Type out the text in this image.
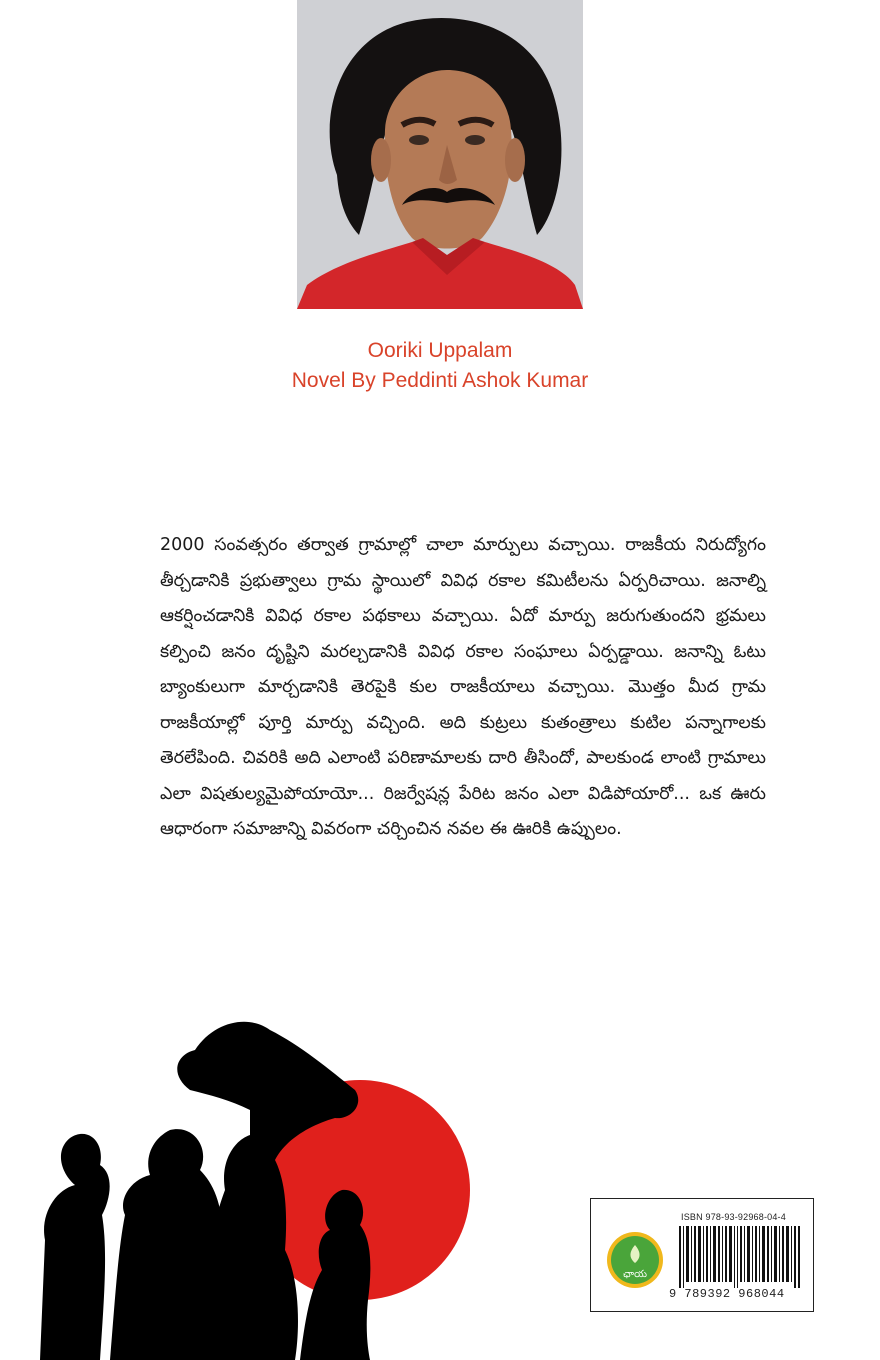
Ooriki Uppalam
Novel By Peddinti Ashok Kumar
2000 సంవత్సరం తర్వాత గ్రామాల్లో చాలా మార్పులు వచ్చాయి. రాజకీయ నిరుద్యోగం తీర్చడానికి ప్రభుత్వాలు గ్రామ స్థాయిలో వివిధ రకాల కమిటీలను ఏర్పరిచాయి. జనాల్ని ఆకర్షించడానికి వివిధ రకాల పథకాలు వచ్చాయి. ఏదో మార్పు జరుగుతుందని భ్రమలు కల్పించి జనం దృష్టిని మరల్చడానికి వివిధ రకాల సంఘాలు ఏర్పడ్డాయి. జనాన్ని ఓటు బ్యాంకులుగా మార్చడానికి తెరపైకి కుల రాజకీయాలు వచ్చాయి. మొత్తం మీద గ్రామ రాజకీయాల్లో పూర్తి మార్పు వచ్చింది. అది కుట్రలు కుతంత్రాలు కుటిల పన్నాగాలకు తెరలేపింది. చివరికి అది ఎలాంటి పరిణామాలకు దారి తీసిందో, పాలకుండ లాంటి గ్రామాలు ఎలా విషతుల్యమైపోయాయో... రిజర్వేషన్ల పేరిట జనం ఎలా విడిపోయారో... ఒక ఊరు ఆధారంగా సమాజాన్ని వివరంగా చర్చించిన నవల ఈ ఊరికి ఉప్పులం.
ISBN 978-93-92968-04-4
ఛాయ
9 789392 968044
